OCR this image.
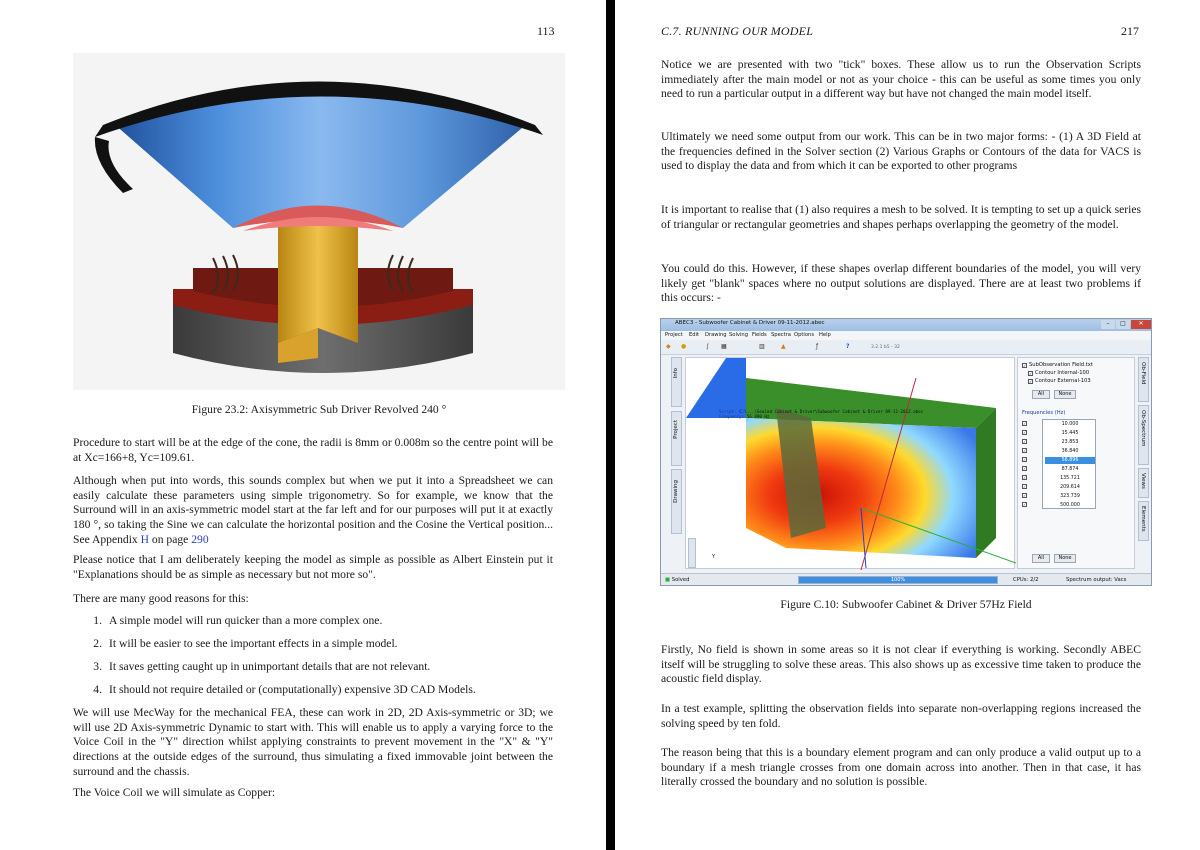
113
Figure 23.2: Axisymmetric Sub Driver Revolved 240 °
Procedure to start will be at the edge of the cone, the radii is 8mm or 0.008m so the centre point will be at Xc=166+8, Yc=109.61.
Although when put into words, this sounds complex but when we put it into a Spreadsheet we can easily calculate these parameters using simple trigonometry. So for example, we know that the Surround will in an axis-symmetric model start at the far left and for our purposes will put it at exactly 180 °, so taking the Sine we can calculate the horizontal position and the Cosine the Vertical position... See Appendix H on page 290
Please notice that I am deliberately keeping the model as simple as possible as Albert Einstein put it "Explanations should be as simple as necessary but not more so".
There are many good reasons for this:
1. A simple model will run quicker than a more complex one.
2. It will be easier to see the important effects in a simple model.
3. It saves getting caught up in unimportant details that are not relevant.
4. It should not require detailed or (computationally) expensive 3D CAD Models.
We will use MecWay for the mechanical FEA, these can work in 2D, 2D Axis-symmetric or 3D; we will use 2D Axis-symmetric Dynamic to start with. This will enable us to apply a varying force to the Voice Coil in the "Y" direction whilst applying constraints to prevent movement in the "X" & "Y" directions at the outside edges of the surround, thus simulating a fixed immovable joint between the surround and the chassis.
The Voice Coil we will simulate as Copper:
C.7. RUNNING OUR MODEL	217
Notice we are presented with two "tick" boxes. These allow us to run the Observation Scripts immediately after the main model or not as your choice - this can be useful as some times you only need to run a particular output in a different way but have not changed the main model itself.
Ultimately we need some output from our work. This can be in two major forms: - (1) A 3D Field at the frequencies defined in the Solver section (2) Various Graphs or Contours of the data for VACS is used to display the data and from which it can be exported to other programs
It is important to realise that (1) also requires a mesh to be solved. It is tempting to set up a quick series of triangular or rectangular geometries and shapes perhaps overlapping the geometry of the model.
You could do this. However, if these shapes overlap different boundaries of the model, you will very likely get "blank" spaces where no output solutions are displayed. There are at least two problems if this occurs: -
ABEC3 - Subwoofer Cabinet & Driver 09-11-2012.abec	–	□	✕
Project Edit Drawing Solving Fields Spectra Options Help
◆ ●	∫ ▦	▥	▲	ƒ	?	3.2.1 b5 - 32
Info
Project
Drawing
Script: C:\...\Sealed Cabinet & Driver\Subwoofer Cabinet & Driver 09-11-2012.abec
Frequency: 56.890 Hz
Y
✓ SubObservation Field.txt
✓ Contour Internal-100
✓ Contour External-103
All	None
Frequencies (Hz)
✓
✓
✓
✓
✓
✓
✓
✓
✓
✓
10.000
15.445
23.853
36.840
56.896
87.874
135.721
209.614
323.739
500.000
All	None
Ob-Field
Ob-Spectrum
Views
Elements
■ Solved	100%	CPUs: 2/2	Spectrum output: Vacs
Figure C.10: Subwoofer Cabinet & Driver 57Hz Field
Firstly, No field is shown in some areas so it is not clear if everything is working. Secondly ABEC itself will be struggling to solve these areas. This also shows up as excessive time taken to produce the acoustic field display.
In a test example, splitting the observation fields into separate non-overlapping regions increased the solving speed by ten fold.
The reason being that this is a boundary element program and can only produce a valid output up to a boundary if a mesh triangle crosses from one domain across into another. Then in that case, it has literally crossed the boundary and no solution is possible.
